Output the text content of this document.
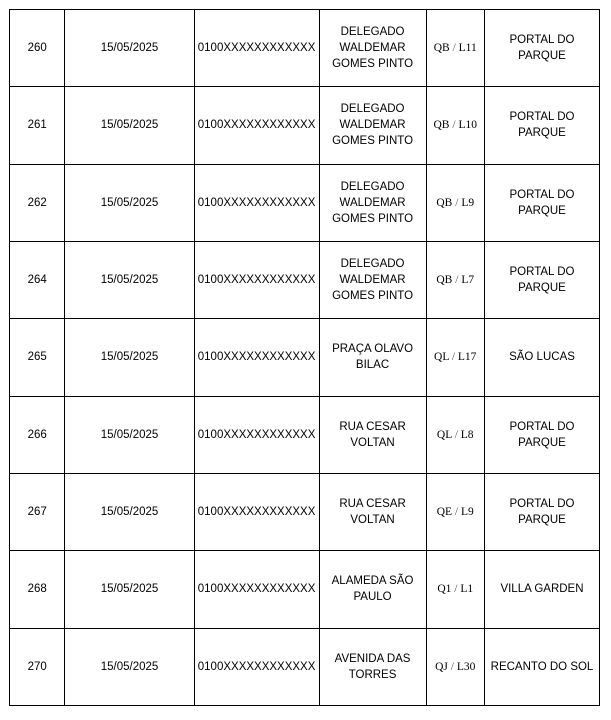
260	15/05/2025	0100XXXXXXXXXXXX	DELEGADO WALDEMAR GOMES PINTO	QB / L11	PORTAL DO PARQUE
261	15/05/2025	0100XXXXXXXXXXXX	DELEGADO WALDEMAR GOMES PINTO	QB / L10	PORTAL DO PARQUE
262	15/05/2025	0100XXXXXXXXXXXX	DELEGADO WALDEMAR GOMES PINTO	QB / L9	PORTAL DO PARQUE
264	15/05/2025	0100XXXXXXXXXXXX	DELEGADO WALDEMAR GOMES PINTO	QB / L7	PORTAL DO PARQUE
265	15/05/2025	0100XXXXXXXXXXXX	PRAÇA OLAVO BILAC	QL / L17	SÃO LUCAS
266	15/05/2025	0100XXXXXXXXXXXX	RUA CESAR VOLTAN	QL / L8	PORTAL DO PARQUE
267	15/05/2025	0100XXXXXXXXXXXX	RUA CESAR VOLTAN	QE / L9	PORTAL DO PARQUE
268	15/05/2025	0100XXXXXXXXXXXX	ALAMEDA SÃO PAULO	Q1 / L1	VILLA GARDEN
270	15/05/2025	0100XXXXXXXXXXXX	AVENIDA DAS TORRES	QJ / L30	RECANTO DO SOL
